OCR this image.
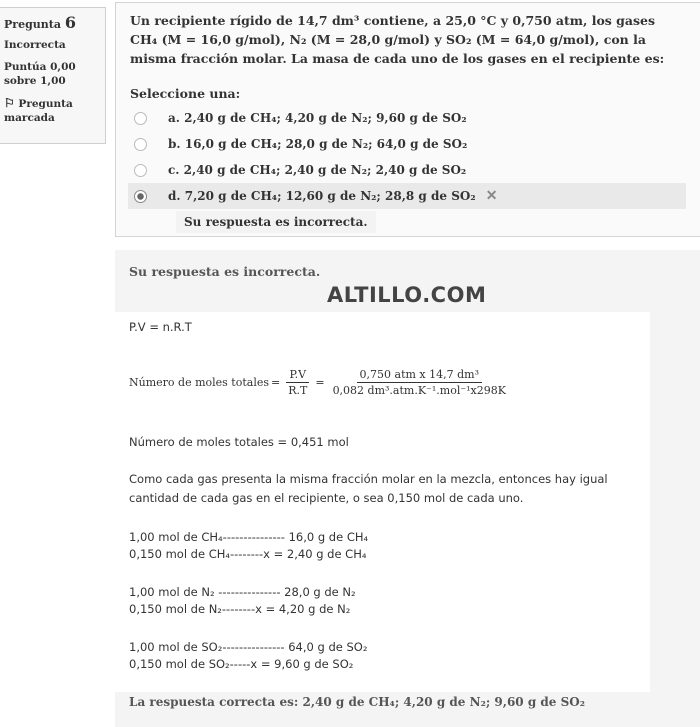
Pregunta 6
Incorrecta
Puntúa 0,00 sobre 1,00
⚐ Pregunta marcada
Un recipiente rígido de 14,7 dm³ contiene, a 25,0 °C y 0,750 atm, los gases CH₄ (M = 16,0 g/mol), N₂ (M = 28,0 g/mol) y SO₂ (M = 64,0 g/mol), con la misma fracción molar. La masa de cada uno de los gases en el recipiente es:
Seleccione una:
a. 2,40 g de CH₄; 4,20 g de N₂; 9,60 g de SO₂
b. 16,0 g de CH₄; 28,0 g de N₂; 64,0 g de SO₂
c. 2,40 g de CH₄; 2,40 g de N₂; 2,40 g de SO₂
d. 7,20 g de CH₄; 12,60 g de N₂; 28,8 g de SO₂ ✕ Su respuesta es incorrecta.
Su respuesta es incorrecta.
ALTILLO.COM
P.V = n.R.T
Número de moles totales = $\frac{P.V}{R.T} = \frac{\text{0,750 atm x 14,7 dm³}}{\text{0,082 dm³.atm.K⁻¹.mol⁻¹x298K}}$
Número de moles totales = 0,451 mol
Como cada gas presenta la misma fracción molar en la mezcla, entonces hay igual
cantidad de cada gas en el recipiente, o sea 0,150 mol de cada uno.
1,00 mol de CH₄--------------- 16,0 g de CH₄
0,150 mol de CH₄--------x = 2,40 g de CH₄
1,00 mol de N₂ --------------- 28,0 g de N₂
0,150 mol de N₂--------x = 4,20 g de N₂
1,00 mol de SO₂--------------- 64,0 g de SO₂
0,150 mol de SO₂-----x = 9,60 g de SO₂
La respuesta correcta es: 2,40 g de CH₄; 4,20 g de N₂; 9,60 g de SO₂
